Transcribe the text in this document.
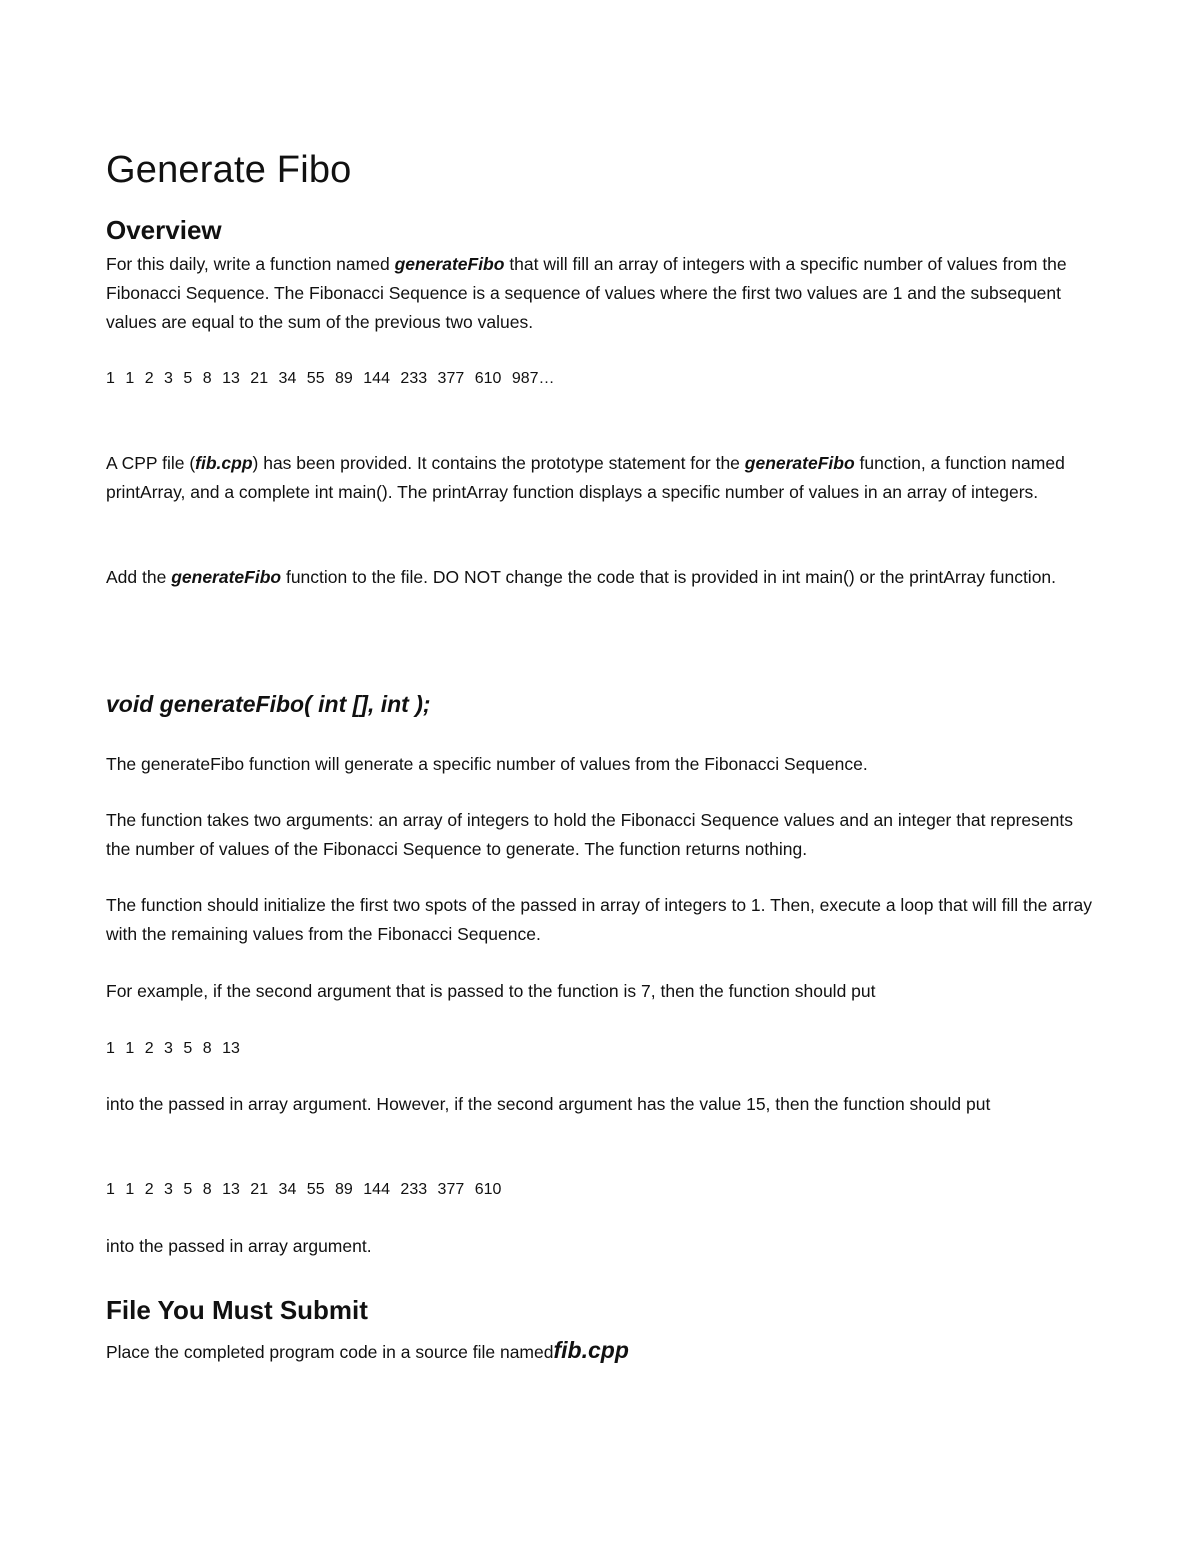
Generate Fibo
Overview

For this daily, write a function named generateFibo that will fill an array of integers with a specific number of values from the Fibonacci Sequence. The Fibonacci Sequence is a sequence of values where the first two values are 1 and the subsequent values are equal to the sum of the previous two values.

1 1 2 3 5 8 13 21 34 55 89 144 233 377 610 987…

A CPP file (fib.cpp) has been provided. It contains the prototype statement for the generateFibo function, a function named printArray, and a complete int main(). The printArray function displays a specific number of values in an array of integers.

Add the generateFibo function to the file. DO NOT change the code that is provided in int main() or the printArray function.

void generateFibo( int [], int );

The generateFibo function will generate a specific number of values from the Fibonacci Sequence.

The function takes two arguments: an array of integers to hold the Fibonacci Sequence values and an integer that represents the number of values of the Fibonacci Sequence to generate. The function returns nothing.

The function should initialize the first two spots of the passed in array of integers to 1. Then, execute a loop that will fill the array with the remaining values from the Fibonacci Sequence.

For example, if the second argument that is passed to the function is 7, then the function should put

1 1 2 3 5 8 13

into the passed in array argument. However, if the second argument has the value 15, then the function should put

1 1 2 3 5 8 13 21 34 55 89 144 233 377 610

into the passed in array argument.

File You Must Submit

Place the completed program code in a source file namedfib.cpp
